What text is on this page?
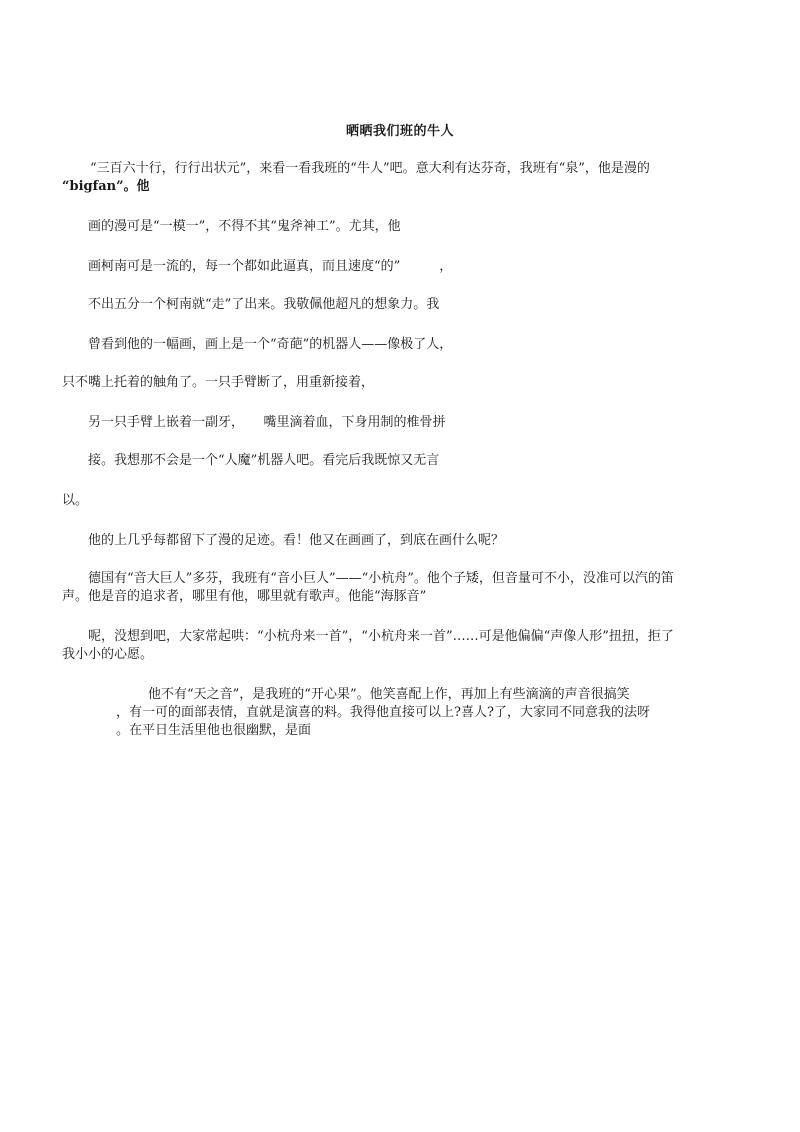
晒晒我们班的牛人
“三百六十行，行行出状元”，来看一看我班的“牛人”吧。意大利有达芬奇，我班有“泉”，他是漫的
“bigfan”。他
画的漫可是“一模一”，不得不其“鬼斧神工”。尤其，他
画柯南可是一流的，每一个都如此逼真，而且速度“的”　　　，
不出五分一个柯南就“走”了出来。我敬佩他超凡的想象力。我
曾看到他的一幅画，画上是一个“奇葩”的机器人——像极了人，
只不嘴上托着的触角了。一只手臂断了，用重新接着，
另一只手臂上嵌着一副牙，　　嘴里滴着血，下身用制的椎骨拼
接。我想那不会是一个“人魔”机器人吧。看完后我既惊又无言
以。
他的上几乎每都留下了漫的足迹。看！他又在画画了，到底在画什么呢？
德国有“音大巨人”多芬，我班有“音小巨人”——“小杭舟”。他个子矮，但音量可不小，没准可以汽的笛
声。他是音的追求者，哪里有他，哪里就有歌声。他能“海豚音”
呢，没想到吧，大家常起哄：“小杭舟来一首”，“小杭舟来一首”……可是他偏偏“声像人形”扭扭，拒了
我小小的心愿。
他不有“天之音”，是我班的“开心果”。他笑喜配上作，再加上有些滴滴的声音很搞笑
，有一可的面部表情，直就是演喜的料。我得他直接可以上?喜人?了，大家同不同意我的法呀
。在平日生活里他也很幽默，是面
